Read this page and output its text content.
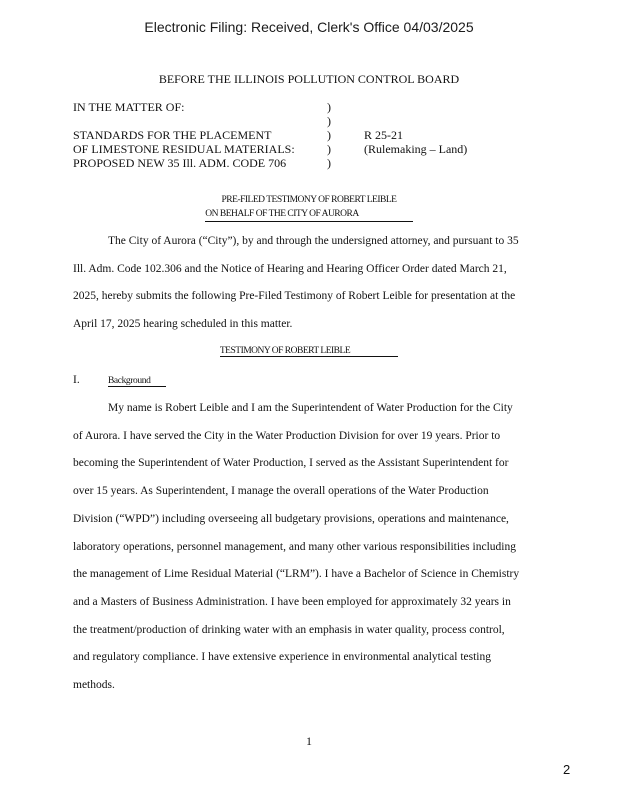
Electronic Filing: Received, Clerk's Office 04/03/2025
BEFORE THE ILLINOIS POLLUTION CONTROL BOARD
IN THE MATTER OF:
STANDARDS FOR THE PLACEMENT
OF LIMESTONE RESIDUAL MATERIALS:
PROPOSED NEW 35 Ill. ADM. CODE 706
)
)
)
)
)
R 25-21
(Rulemaking – Land)
PRE-FILED TESTIMONY OF ROBERT LEIBLE
ON BEHALF OF THE CITY OF AURORA
The City of Aurora (“City”), by and through the undersigned attorney, and pursuant to 35
Ill. Adm. Code 102.306 and the Notice of Hearing and Hearing Officer Order dated March 21,
2025, hereby submits the following Pre-Filed Testimony of Robert Leible for presentation at the
April 17, 2025 hearing scheduled in this matter.
TESTIMONY OF ROBERT LEIBLE
I.	Background
My name is Robert Leible and I am the Superintendent of Water Production for the City
of Aurora. I have served the City in the Water Production Division for over 19 years. Prior to
becoming the Superintendent of Water Production, I served as the Assistant Superintendent for
over 15 years. As Superintendent, I manage the overall operations of the Water Production
Division (“WPD”) including overseeing all budgetary provisions, operations and maintenance,
laboratory operations, personnel management, and many other various responsibilities including
the management of Lime Residual Material (“LRM”). I have a Bachelor of Science in Chemistry
and a Masters of Business Administration. I have been employed for approximately 32 years in
the treatment/production of drinking water with an emphasis in water quality, process control,
and regulatory compliance. I have extensive experience in environmental analytical testing
methods.
1
2
